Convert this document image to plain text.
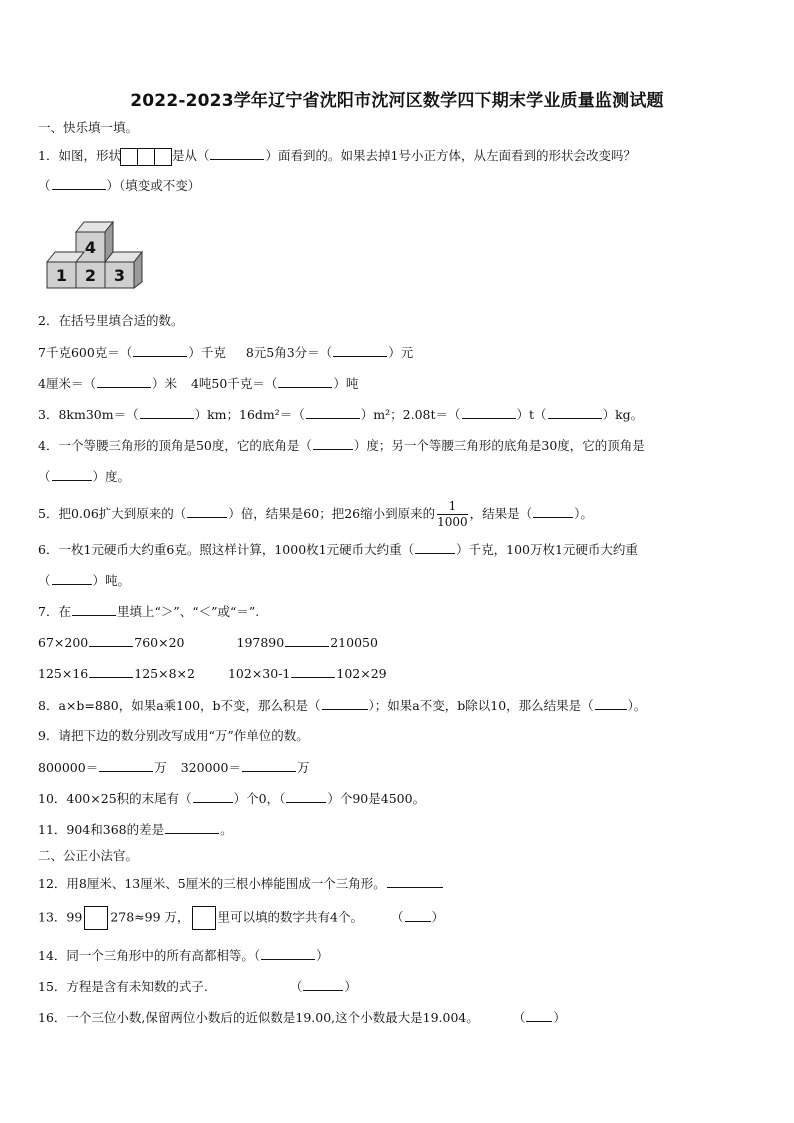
2022-2023学年辽宁省沈阳市沈河区数学四下期末学业质量监测试题
一、快乐填一填。
1．如图，形状	是从（	）面看到的。如果去掉1号小正方体，从左面看到的形状会改变吗？
（	）（填变或不变）
4
1 2 3
2．在括号里填合适的数。
7千克600克＝（	）千克 8元5角3分＝（	）元
4厘米＝（	）米 4吨50千克＝（	）吨
3．8km30m＝（	）km；16dm²＝（	）m²；2.08t＝（	）t（	）kg。
4．一个等腰三角形的顶角是50度，它的底角是（	）度；另一个等腰三角形的底角是30度，它的顶角是
（	）度。
5．把0.06扩大到原来的（	）倍，结果是60；把26缩小到原来的 $\frac{1}{1000}$ ，结果是（	）。
6．一枚1元硬币大约重6克。照这样计算，1000枚1元硬币大约重（	）千克，100万枚1元硬币大约重
（	）吨。
7．在	里填上“＞”、“＜”或“＝”.
67×200	760×20	197890	210050
125×16	125×8×2	102×30-1	102×29
8．a×b=880，如果a乘100，b不变，那么积是（	）；如果a不变，b除以10，那么结果是（	）。
9．请把下边的数分别改写成用“万”作单位的数。
800000＝	万 320000＝	万
10．400×25积的末尾有（	）个0，（	）个90是4500。
11．904和368的差是	。
二、公正小法官。
12．用8厘米、13厘米、5厘米的三根小棒能围成一个三角形。
13．99 278≈99 万， 里可以填的数字共有4个。 （ ）
14．同一个三角形中的所有高都相等。（	）
15．方程是含有未知数的式子.	（	）
16．一个三位小数,保留两位小数后的近似数是19.00,这个小数最大是19.004。	（ ）
